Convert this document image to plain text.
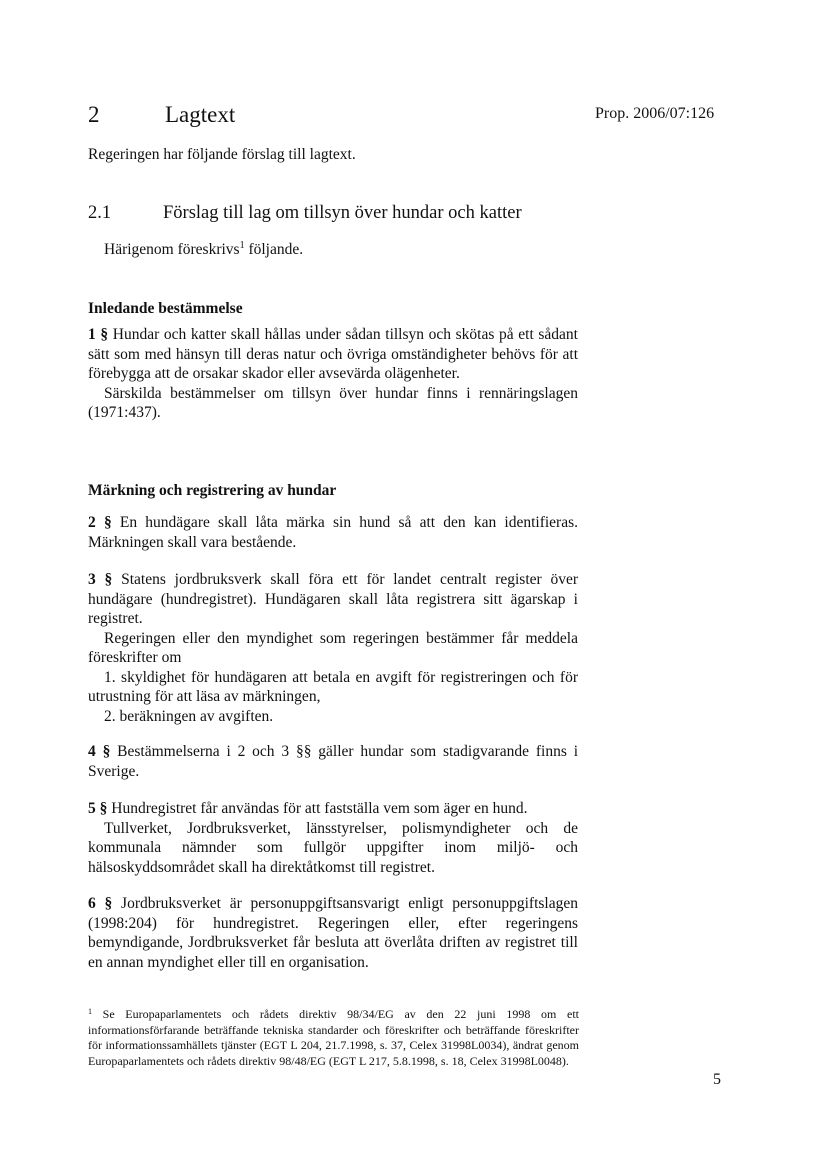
2	Lagtext	Prop. 2006/07:126
Regeringen har följande förslag till lagtext.
2.1	Förslag till lag om tillsyn över hundar och katter
Härigenom föreskrivs$^1$ följande.
Inledande bestämmelse

1 § Hundar och katter skall hållas under sådan tillsyn och skötas på ett sådant sätt som med hänsyn till deras natur och övriga omständigheter behövs för att förebygga att de orsakar skador eller avsevärda olägenheter.

Särskilda bestämmelser om tillsyn över hundar finns i rennäringslagen (1971:437).

Märkning och registrering av hundar

2 § En hundägare skall låta märka sin hund så att den kan identifieras. Märkningen skall vara bestående.

3 § Statens jordbruksverk skall föra ett för landet centralt register över hundägare (hundregistret). Hundägaren skall låta registrera sitt ägarskap i registret.

Regeringen eller den myndighet som regeringen bestämmer får meddela föreskrifter om

1. skyldighet för hundägaren att betala en avgift för registreringen och för utrustning för att läsa av märkningen,

2. beräkningen av avgiften.

4 § Bestämmelserna i 2 och 3 §§ gäller hundar som stadigvarande finns i Sverige.

5 § Hundregistret får användas för att fastställa vem som äger en hund.

Tullverket, Jordbruksverket, länsstyrelser, polismyndigheter och de kommunala nämnder som fullgör uppgifter inom miljö- och hälsoskyddsområdet skall ha direktåtkomst till registret.

6 § Jordbruksverket är personuppgiftsansvarigt enligt personuppgiftslagen (1998:204) för hundregistret. Regeringen eller, efter regeringens bemyndigande, Jordbruksverket får besluta att överlåta driften av registret till en annan myndighet eller till en organisation.

$^1$ Se Europaparlamentets och rådets direktiv 98/34/EG av den 22 juni 1998 om ett informationsförfarande beträffande tekniska standarder och föreskrifter och beträffande föreskrifter för informationssamhällets tjänster (EGT L 204, 21.7.1998, s. 37, Celex 31998L0034), ändrat genom Europaparlamentets och rådets direktiv 98/48/EG (EGT L 217, 5.8.1998, s. 18, Celex 31998L0048).
5
